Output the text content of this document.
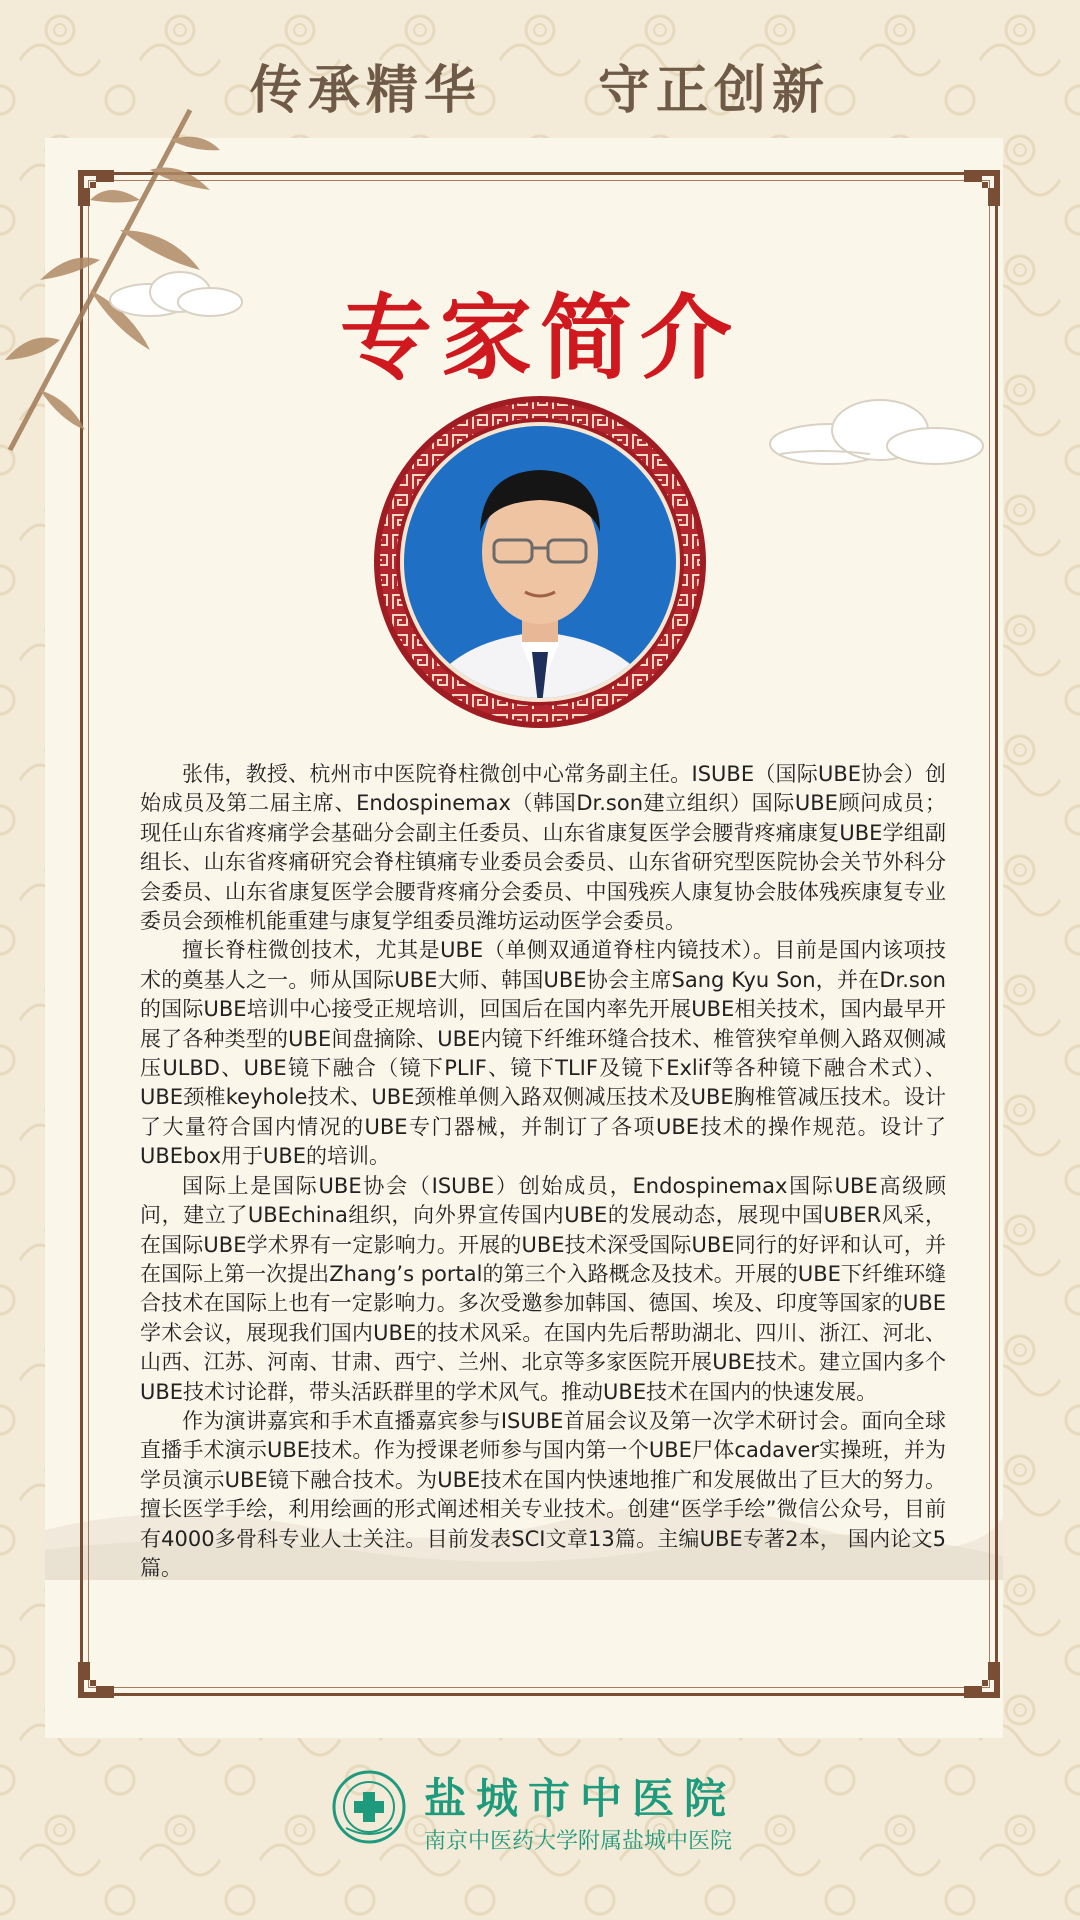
传承精华 守正创新
专家简介

张伟，教授、杭州市中医院脊柱微创中心常务副主任。ISUBE（国际UBE协会）创始成员及第二届主席、Endospinemax（韩国Dr.son建立组织）国际UBE顾问成员；现任山东省疼痛学会基础分会副主任委员、山东省康复医学会腰背疼痛康复UBE学组副组长、山东省疼痛研究会脊柱镇痛专业委员会委员、山东省研究型医院协会关节外科分会委员、山东省康复医学会腰背疼痛分会委员、中国残疾人康复协会肢体残疾康复专业委员会颈椎机能重建与康复学组委员潍坊运动医学会委员。

擅长脊柱微创技术，尤其是UBE（单侧双通道脊柱内镜技术）。目前是国内该项技术的奠基人之一。师从国际UBE大师、韩国UBE协会主席Sang Kyu Son，并在Dr.son的国际UBE培训中心接受正规培训，回国后在国内率先开展UBE相关技术，国内最早开展了各种类型的UBE间盘摘除、UBE内镜下纤维环缝合技术、椎管狭窄单侧入路双侧减压ULBD、UBE镜下融合（镜下PLIF、镜下TLIF及镜下Exlif等各种镜下融合术式）、UBE颈椎keyhole技术、UBE颈椎单侧入路双侧减压技术及UBE胸椎管减压技术。设计了大量符合国内情况的UBE专门器械，并制订了各项UBE技术的操作规范。设计了UBEbox用于UBE的培训。

国际上是国际UBE协会（ISUBE）创始成员，Endospinemax国际UBE高级顾问，建立了UBEchina组织，向外界宣传国内UBE的发展动态，展现中国UBER风采，在国际UBE学术界有一定影响力。开展的UBE技术深受国际UBE同行的好评和认可，并在国际上第一次提出Zhang’s portal的第三个入路概念及技术。开展的UBE下纤维环缝合技术在国际上也有一定影响力。多次受邀参加韩国、德国、埃及、印度等国家的UBE学术会议，展现我们国内UBE的技术风采。在国内先后帮助湖北、四川、浙江、河北、山西、江苏、河南、甘肃、西宁、兰州、北京等多家医院开展UBE技术。建立国内多个UBE技术讨论群，带头活跃群里的学术风气。推动UBE技术在国内的快速发展。

作为演讲嘉宾和手术直播嘉宾参与ISUBE首届会议及第一次学术研讨会。面向全球直播手术演示UBE技术。作为授课老师参与国内第一个UBE尸体cadaver实操班，并为学员演示UBE镜下融合技术。为UBE技术在国内快速地推广和发展做出了巨大的努力。擅长医学手绘，利用绘画的形式阐述相关专业技术。创建“医学手绘”微信公众号，目前有4000多骨科专业人士关注。目前发表SCI文章13篇。主编UBE专著2本， 国内论文5篇。

盐城市中医院
南京中医药大学附属盐城中医院
